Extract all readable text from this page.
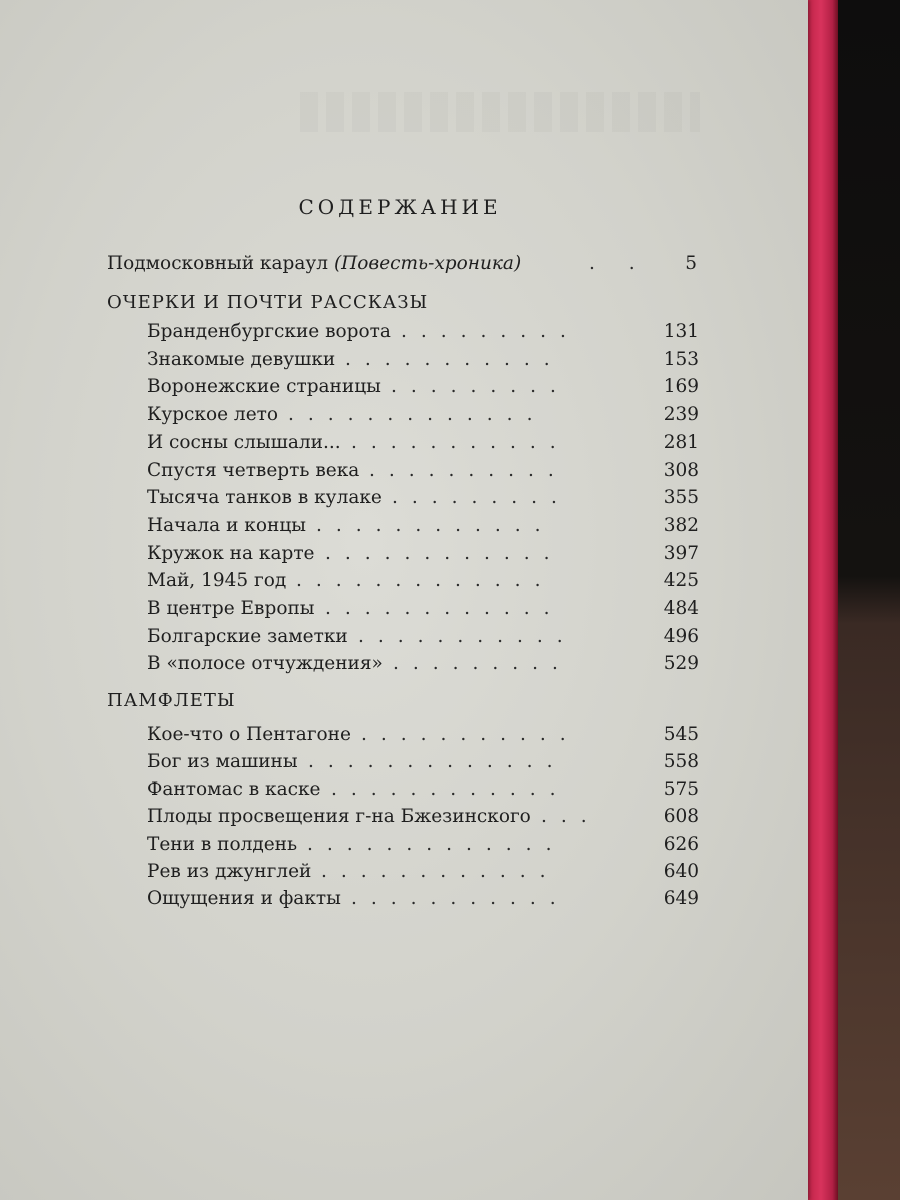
СОДЕРЖАНИЕ
Подмосковный караул (Повесть-хроника)	. .	5
ОЧЕРКИ И ПОЧТИ РАССКАЗЫ
Бранденбургские ворота .........	131
Знакомые девушки ...........	153
Воронежские страницы .........	169
Курское лето .............	239
И сосны слышали... ...........	281
Спустя четверть века ..........	308
Тысяча танков в кулаке .........	355
Начала и концы ............	382
Кружок на карте ............	397
Май, 1945 год .............	425
В центре Европы ............	484
Болгарские заметки ...........	496
В «полосе отчуждения» .........	529
ПАМФЛЕТЫ
Кое-что о Пентагоне ...........	545
Бог из машины .............	558
Фантомас в каске ............	575
Плоды просвещения г-на Бжезинского ...	608
Тени в полдень .............	626
Рев из джунглей ............	640
Ощущения и факты ...........	649
